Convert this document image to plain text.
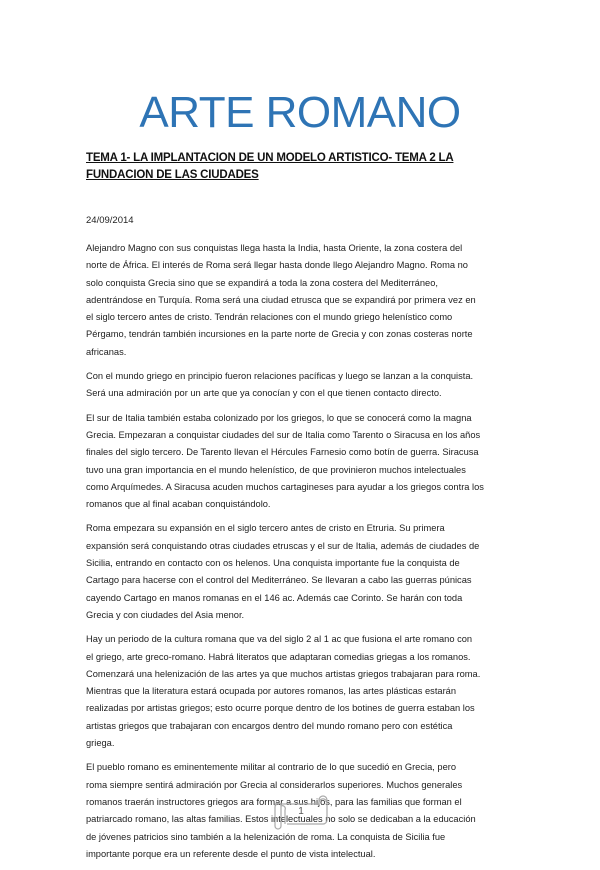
ARTE ROMANO
TEMA 1- LA IMPLANTACION DE UN MODELO ARTISTICO- TEMA 2 LA
FUNDACION DE LAS CIUDADES
24/09/2014
Alejandro Magno con sus conquistas llega hasta la India, hasta Oriente, la zona costera del
norte de África. El interés de Roma será llegar hasta donde llego Alejandro Magno. Roma no
solo conquista Grecia sino que se expandirá a toda la zona costera del Mediterráneo,
adentrándose en Turquía. Roma será una ciudad etrusca que se expandirá por primera vez en
el siglo tercero antes de cristo. Tendrán relaciones con el mundo griego helenístico como
Pérgamo, tendrán también incursiones en la parte norte de Grecia y con zonas costeras norte
africanas.
Con el mundo griego en principio fueron relaciones pacíficas y luego se lanzan a la conquista.
Será una admiración por un arte que ya conocían y con el que tienen contacto directo.
El sur de Italia también estaba colonizado por los griegos, lo que se conocerá como la magna
Grecia. Empezaran a conquistar ciudades del sur de Italia como Tarento o Siracusa en los años
finales del siglo tercero. De Tarento llevan el Hércules Farnesio como botín de guerra. Siracusa
tuvo una gran importancia en el mundo helenístico, de que provinieron muchos intelectuales
como Arquímedes. A Siracusa acuden muchos cartagineses para ayudar a los griegos contra los
romanos que al final acaban conquistándolo.
Roma empezara su expansión en el siglo tercero antes de cristo en Etruria. Su primera
expansión será conquistando otras ciudades etruscas y el sur de Italia, además de ciudades de
Sicilia, entrando en contacto con os helenos. Una conquista importante fue la conquista de
Cartago para hacerse con el control del Mediterráneo. Se llevaran a cabo las guerras púnicas
cayendo Cartago en manos romanas en el 146 ac. Además cae Corinto. Se harán con toda
Grecia y con ciudades del Asia menor.
Hay un periodo de la cultura romana que va del siglo 2 al 1 ac que fusiona el arte romano con
el griego, arte greco-romano. Habrá literatos que adaptaran comedias griegas a los romanos.
Comenzará una helenización de las artes ya que muchos artistas griegos trabajaran para roma.
Mientras que la literatura estará ocupada por autores romanos, las artes plásticas estarán
realizadas por artistas griegos; esto ocurre porque dentro de los botines de guerra estaban los
artistas griegos que trabajaran con encargos dentro del mundo romano pero con estética
griega.
El pueblo romano es eminentemente militar al contrario de lo que sucedió en Grecia, pero
roma siempre sentirá admiración por Grecia al considerarlos superiores. Muchos generales
romanos traerán instructores griegos ara formar a sus hijos, para las familias que forman el
patriarcado romano, las altas familias. Estos intelectuales no solo se dedicaban a la educación
de jóvenes patricios sino también a la helenización de roma. La conquista de Sicilia fue
importante porque era un referente desde el punto de vista intelectual.
1
